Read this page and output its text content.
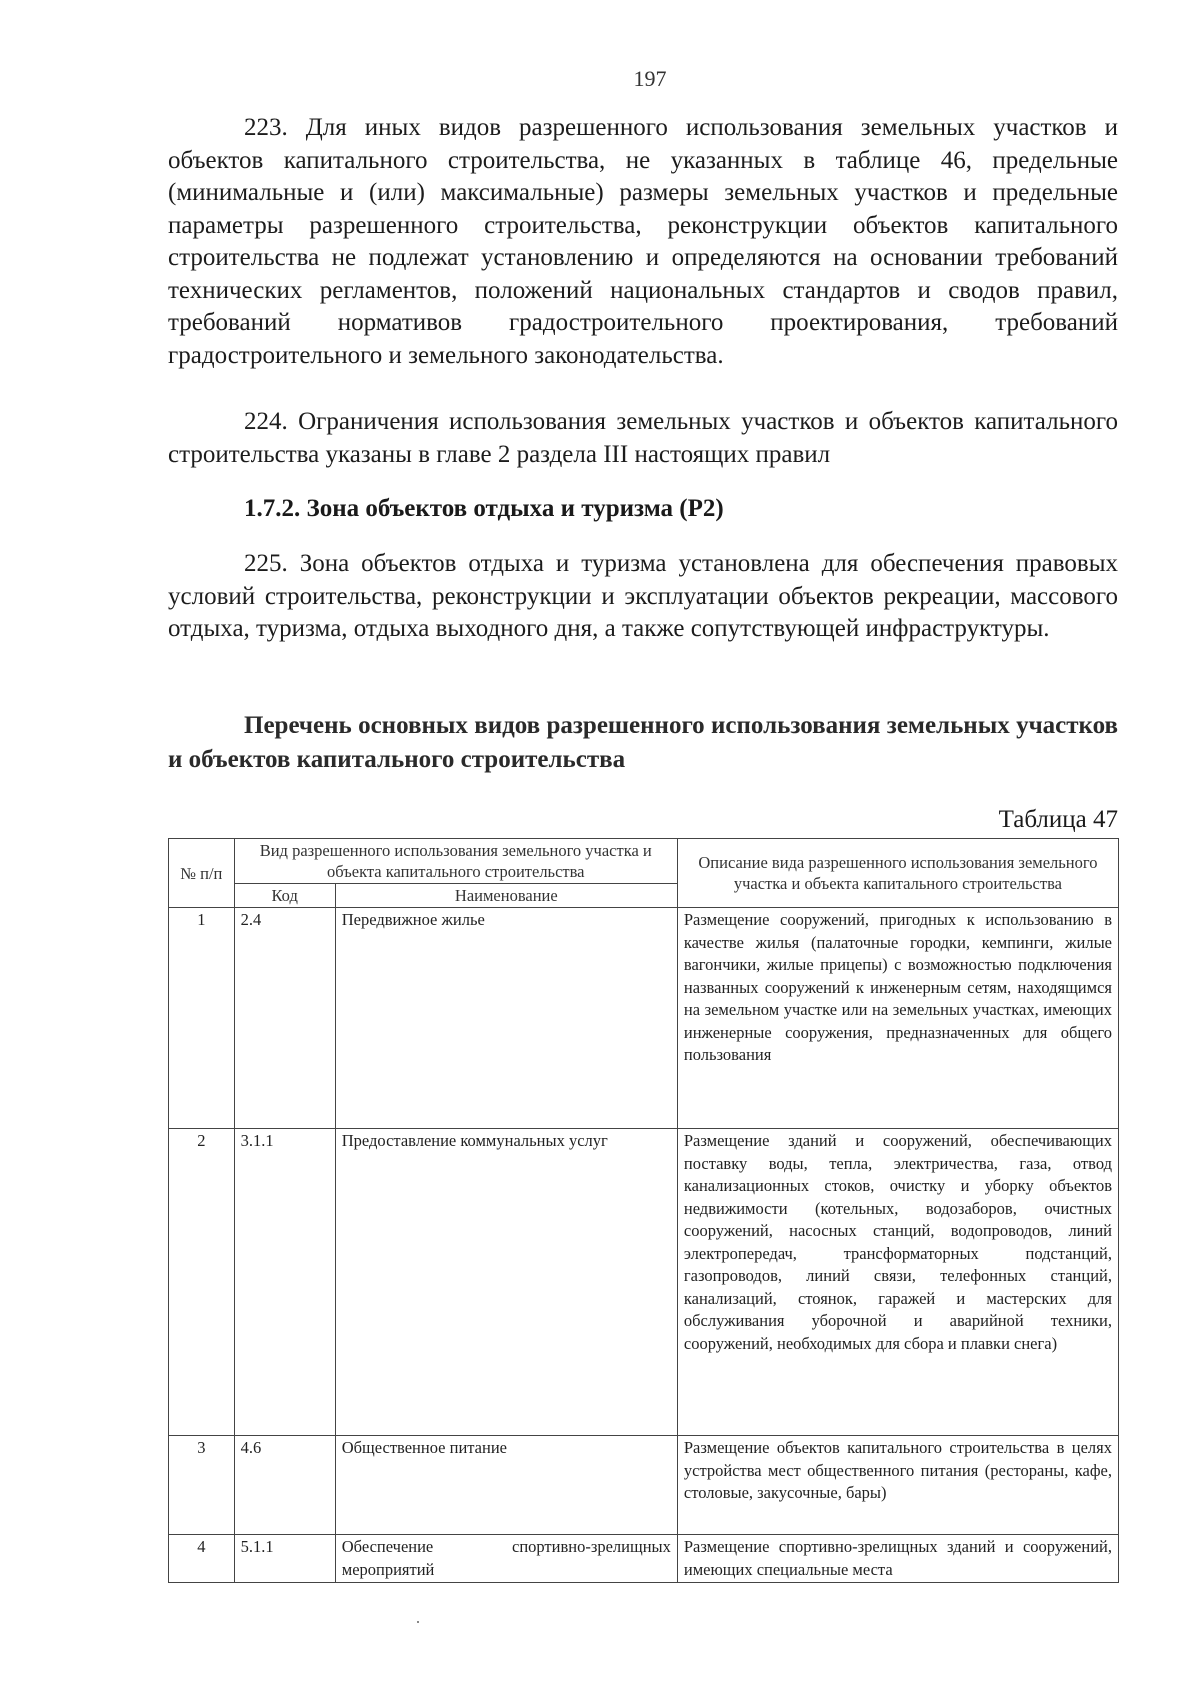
197

223. Для иных видов разрешенного использования земельных участков и объектов капитального строительства, не указанных в таблице 46, предельные (минимальные и (или) максимальные) размеры земельных участков и предельные параметры разрешенного строительства, реконструкции объектов капитального строительства не подлежат установлению и определяются на основании требований технических регламентов, положений национальных стандартов и сводов правил, требований нормативов градостроительного проектирования, требований градостроительного и земельного законодательства.

224. Ограничения использования земельных участков и объектов капитального строительства указаны в главе 2 раздела III настоящих правил

1.7.2. Зона объектов отдыха и туризма (Р2)

225. Зона объектов отдыха и туризма установлена для обеспечения правовых условий строительства, реконструкции и эксплуатации объектов рекреации, массового отдыха, туризма, отдыха выходного дня, а также сопутствующей инфраструктуры.

Перечень основных видов разрешенного использования земельных участков и объектов капитального строительства

Таблица 47

№ п/п	Вид разрешенного использования земельного участка и объекта капитального строительства		Описание вида разрешенного использования земельного участка и объекта капитального строительства
	Код	Наименование	
1	2.4	Передвижное жилье	Размещение сооружений, пригодных к использованию в качестве жилья (палаточные городки, кемпинги, жилые вагончики, жилые прицепы) с возможностью подключения названных сооружений к инженерным сетям, находящимся на земельном участке или на земельных участках, имеющих инженерные сооружения, предназначенных для общего пользования
2	3.1.1	Предоставление коммунальных услуг	Размещение зданий и сооружений, обеспечивающих поставку воды, тепла, электричества, газа, отвод канализационных стоков, очистку и уборку объектов недвижимости (котельных, водозаборов, очистных сооружений, насосных станций, водопроводов, линий электропередач, трансформаторных подстанций, газопроводов, линий связи, телефонных станций, канализаций, стоянок, гаражей и мастерских для обслуживания уборочной и аварийной техники, сооружений, необходимых для сбора и плавки снега)
3	4.6	Общественное питание	Размещение объектов капитального строительства в целях устройства мест общественного питания (рестораны, кафе, столовые, закусочные, бары)
4	5.1.1	Обеспечение спортивно-зрелищных мероприятий	Размещение спортивно-зрелищных зданий и сооружений, имеющих специальные места
